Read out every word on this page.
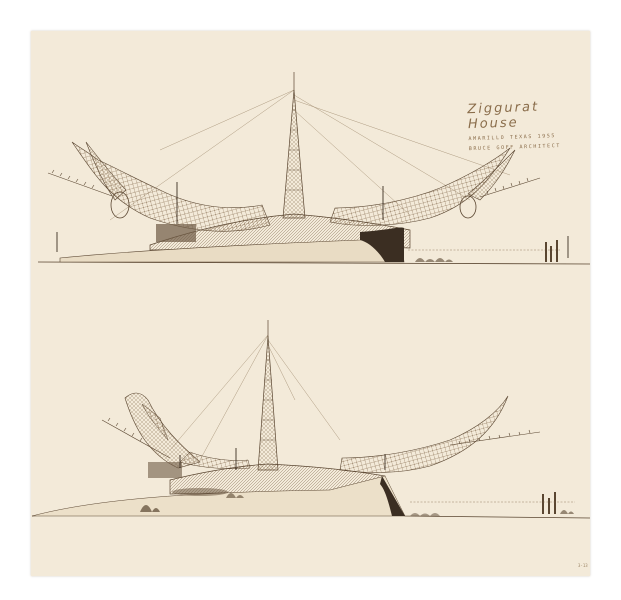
Ziggurat House
AMARILLO TEXAS 1955
BRUCE GOFF ARCHITECT
3-13
